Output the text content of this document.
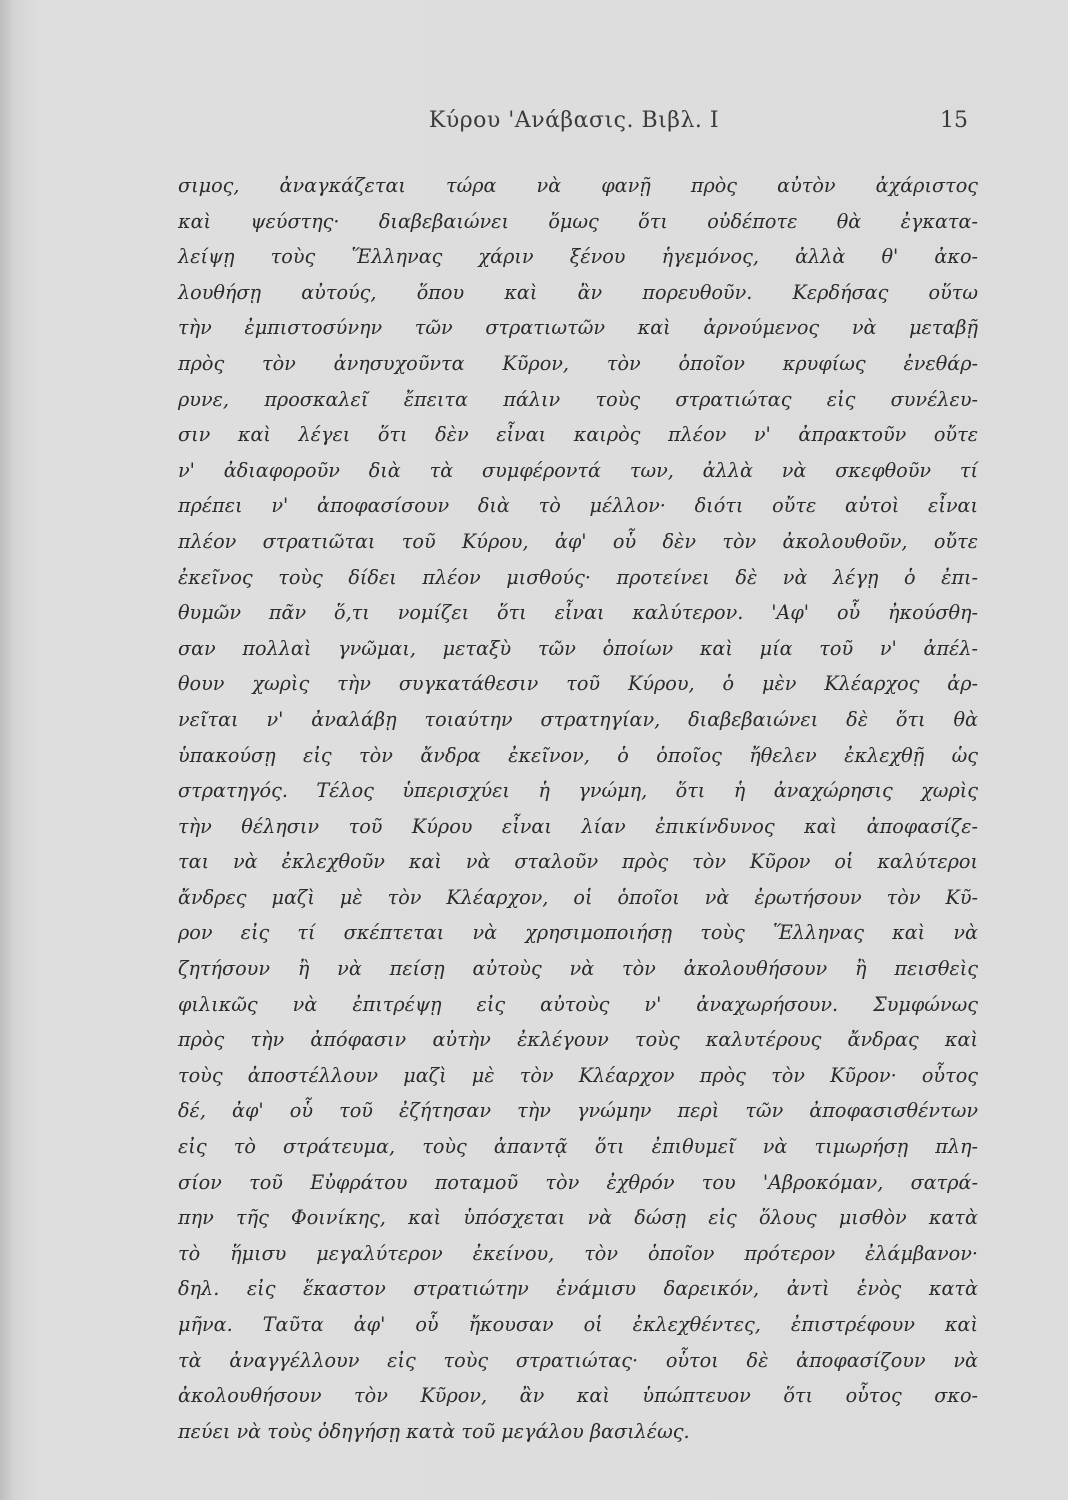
Κύρου 'Ανάβασις. Βιβλ. Ι	15
σιμος, ἀναγκάζεται τώρα νὰ φανῇ πρὸς αὐτὸν ἀχάριστος
καὶ ψεύστης· διαβεβαιώνει ὅμως ὅτι οὐδέποτε θὰ ἐγκατα-
λείψῃ τοὺς Ἕλληνας χάριν ξένου ἡγεμόνος, ἀλλὰ θ' ἀκο-
λουθήσῃ αὐτούς, ὅπου καὶ ἂν πορευθοῦν. Κερδήσας οὕτω
τὴν ἐμπιστοσύνην τῶν στρατιωτῶν καὶ ἀρνούμενος νὰ μεταβῇ
πρὸς τὸν ἀνησυχοῦντα Κῦρον, τὸν ὁποῖον κρυφίως ἐνεθάρ-
ρυνε, προσκαλεῖ ἔπειτα πάλιν τοὺς στρατιώτας εἰς συνέλευ-
σιν καὶ λέγει ὅτι δὲν εἶναι καιρὸς πλέον ν' ἀπρακτοῦν οὔτε
ν' ἀδιαφοροῦν διὰ τὰ συμφέροντά των, ἀλλὰ νὰ σκεφθοῦν τί
πρέπει ν' ἀποφασίσουν διὰ τὸ μέλλον· διότι οὔτε αὐτοὶ εἶναι
πλέον στρατιῶται τοῦ Κύρου, ἀφ' οὗ δὲν τὸν ἀκολουθοῦν, οὔτε
ἐκεῖνος τοὺς δίδει πλέον μισθούς· προτείνει δὲ νὰ λέγῃ ὁ ἐπι-
θυμῶν πᾶν ὅ,τι νομίζει ὅτι εἶναι καλύτερον. 'Αφ' οὗ ἠκούσθη-
σαν πολλαὶ γνῶμαι, μεταξὺ τῶν ὁποίων καὶ μία τοῦ ν' ἀπέλ-
θουν χωρὶς τὴν συγκατάθεσιν τοῦ Κύρου, ὁ μὲν Κλέαρχος ἀρ-
νεῖται ν' ἀναλάβῃ τοιαύτην στρατηγίαν, διαβεβαιώνει δὲ ὅτι θὰ
ὑπακούσῃ εἰς τὸν ἄνδρα ἐκεῖνον, ὁ ὁποῖος ἤθελεν ἐκλεχθῇ ὡς
στρατηγός. Τέλος ὑπερισχύει ἡ γνώμη, ὅτι ἡ ἀναχώρησις χωρὶς
τὴν θέλησιν τοῦ Κύρου εἶναι λίαν ἐπικίνδυνος καὶ ἀποφασίζε-
ται νὰ ἐκλεχθοῦν καὶ νὰ σταλοῦν πρὸς τὸν Κῦρον οἱ καλύτεροι
ἄνδρες μαζὶ μὲ τὸν Κλέαρχον, οἱ ὁποῖοι νὰ ἐρωτήσουν τὸν Κῦ-
ρον εἰς τί σκέπτεται νὰ χρησιμοποιήσῃ τοὺς Ἕλληνας καὶ νὰ
ζητήσουν ἢ νὰ πείσῃ αὐτοὺς νὰ τὸν ἀκολουθήσουν ἢ πεισθεὶς
φιλικῶς νὰ ἐπιτρέψῃ εἰς αὐτοὺς ν' ἀναχωρήσουν. Συμφώνως
πρὸς τὴν ἀπόφασιν αὐτὴν ἐκλέγουν τοὺς καλυτέρους ἄνδρας καὶ
τοὺς ἀποστέλλουν μαζὶ μὲ τὸν Κλέαρχον πρὸς τὸν Κῦρον· οὗτος
δέ, ἀφ' οὗ τοῦ ἐζήτησαν τὴν γνώμην περὶ τῶν ἀποφασισθέντων
εἰς τὸ στράτευμα, τοὺς ἀπαντᾷ ὅτι ἐπιθυμεῖ νὰ τιμωρήσῃ πλη-
σίον τοῦ Εὐφράτου ποταμοῦ τὸν ἐχθρόν του 'Αβροκόμαν, σατρά-
πην τῆς Φοινίκης, καὶ ὑπόσχεται νὰ δώσῃ εἰς ὅλους μισθὸν κατὰ
τὸ ἥμισυ μεγαλύτερον ἐκείνου, τὸν ὁποῖον πρότερον ἐλάμβανον·
δηλ. εἰς ἕκαστον στρατιώτην ἐνάμισυ δαρεικόν, ἀντὶ ἑνὸς κατὰ
μῆνα. Ταῦτα ἀφ' οὗ ἤκουσαν οἱ ἐκλεχθέντες, ἐπιστρέφουν καὶ
τὰ ἀναγγέλλουν εἰς τοὺς στρατιώτας· οὗτοι δὲ ἀποφασίζουν νὰ
ἀκολουθήσουν τὸν Κῦρον, ἂν καὶ ὑπώπτευον ὅτι οὗτος σκο-
πεύει νὰ τοὺς ὁδηγήσῃ κατὰ τοῦ μεγάλου βασιλέως.
